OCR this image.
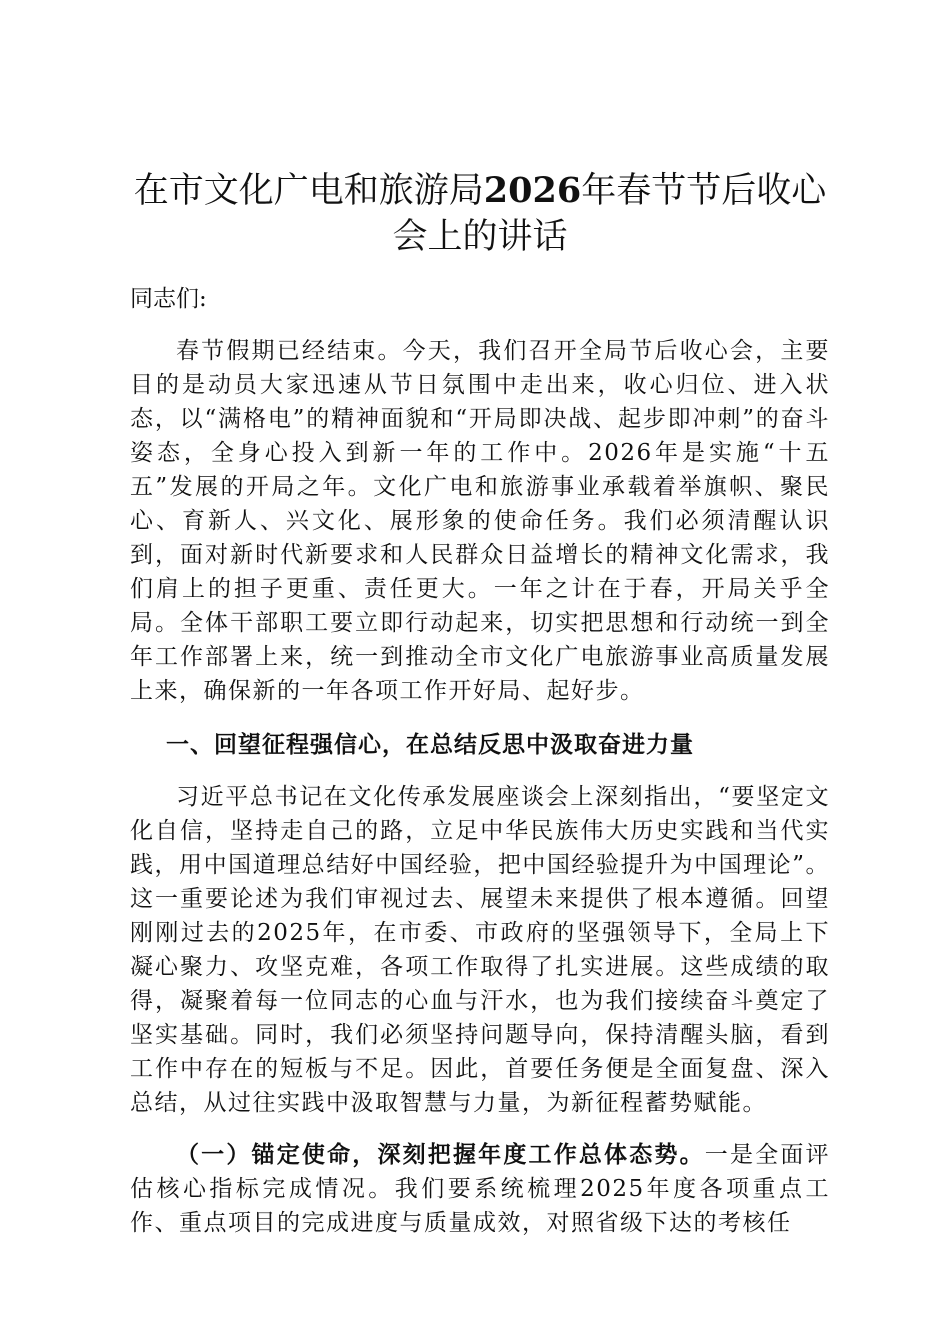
在市文化广电和旅游局2026年春节节后收心会上的讲话

同志们:

春节假期已经结束。今天，我们召开全局节后收心会，主要目的是动员大家迅速从节日氛围中走出来，收心归位、进入状态，以“满格电”的精神面貌和“开局即决战、起步即冲刺”的奋斗姿态，全身心投入到新一年的工作中。2026年是实施“十五五”发展的开局之年。文化广电和旅游事业承载着举旗帜、聚民心、育新人、兴文化、展形象的使命任务。我们必须清醒认识到，面对新时代新要求和人民群众日益增长的精神文化需求，我们肩上的担子更重、责任更大。一年之计在于春，开局关乎全局。全体干部职工要立即行动起来，切实把思想和行动统一到全年工作部署上来，统一到推动全市文化广电旅游事业高质量发展上来，确保新的一年各项工作开好局、起好步。

一、回望征程强信心，在总结反思中汲取奋进力量

习近平总书记在文化传承发展座谈会上深刻指出，“要坚定文化自信，坚持走自己的路，立足中华民族伟大历史实践和当代实践，用中国道理总结好中国经验，把中国经验提升为中国理论”。这一重要论述为我们审视过去、展望未来提供了根本遵循。回望刚刚过去的2025年，在市委、市政府的坚强领导下，全局上下凝心聚力、攻坚克难，各项工作取得了扎实进展。这些成绩的取得，凝聚着每一位同志的心血与汗水，也为我们接续奋斗奠定了坚实基础。同时，我们必须坚持问题导向，保持清醒头脑，看到工作中存在的短板与不足。因此，首要任务便是全面复盘、深入总结，从过往实践中汲取智慧与力量，为新征程蓄势赋能。

（一）锚定使命，深刻把握年度工作总体态势。一是全面评估核心指标完成情况。我们要系统梳理2025年度各项重点工作、重点项目的完成进度与质量成效，对照省级下达的考核任
